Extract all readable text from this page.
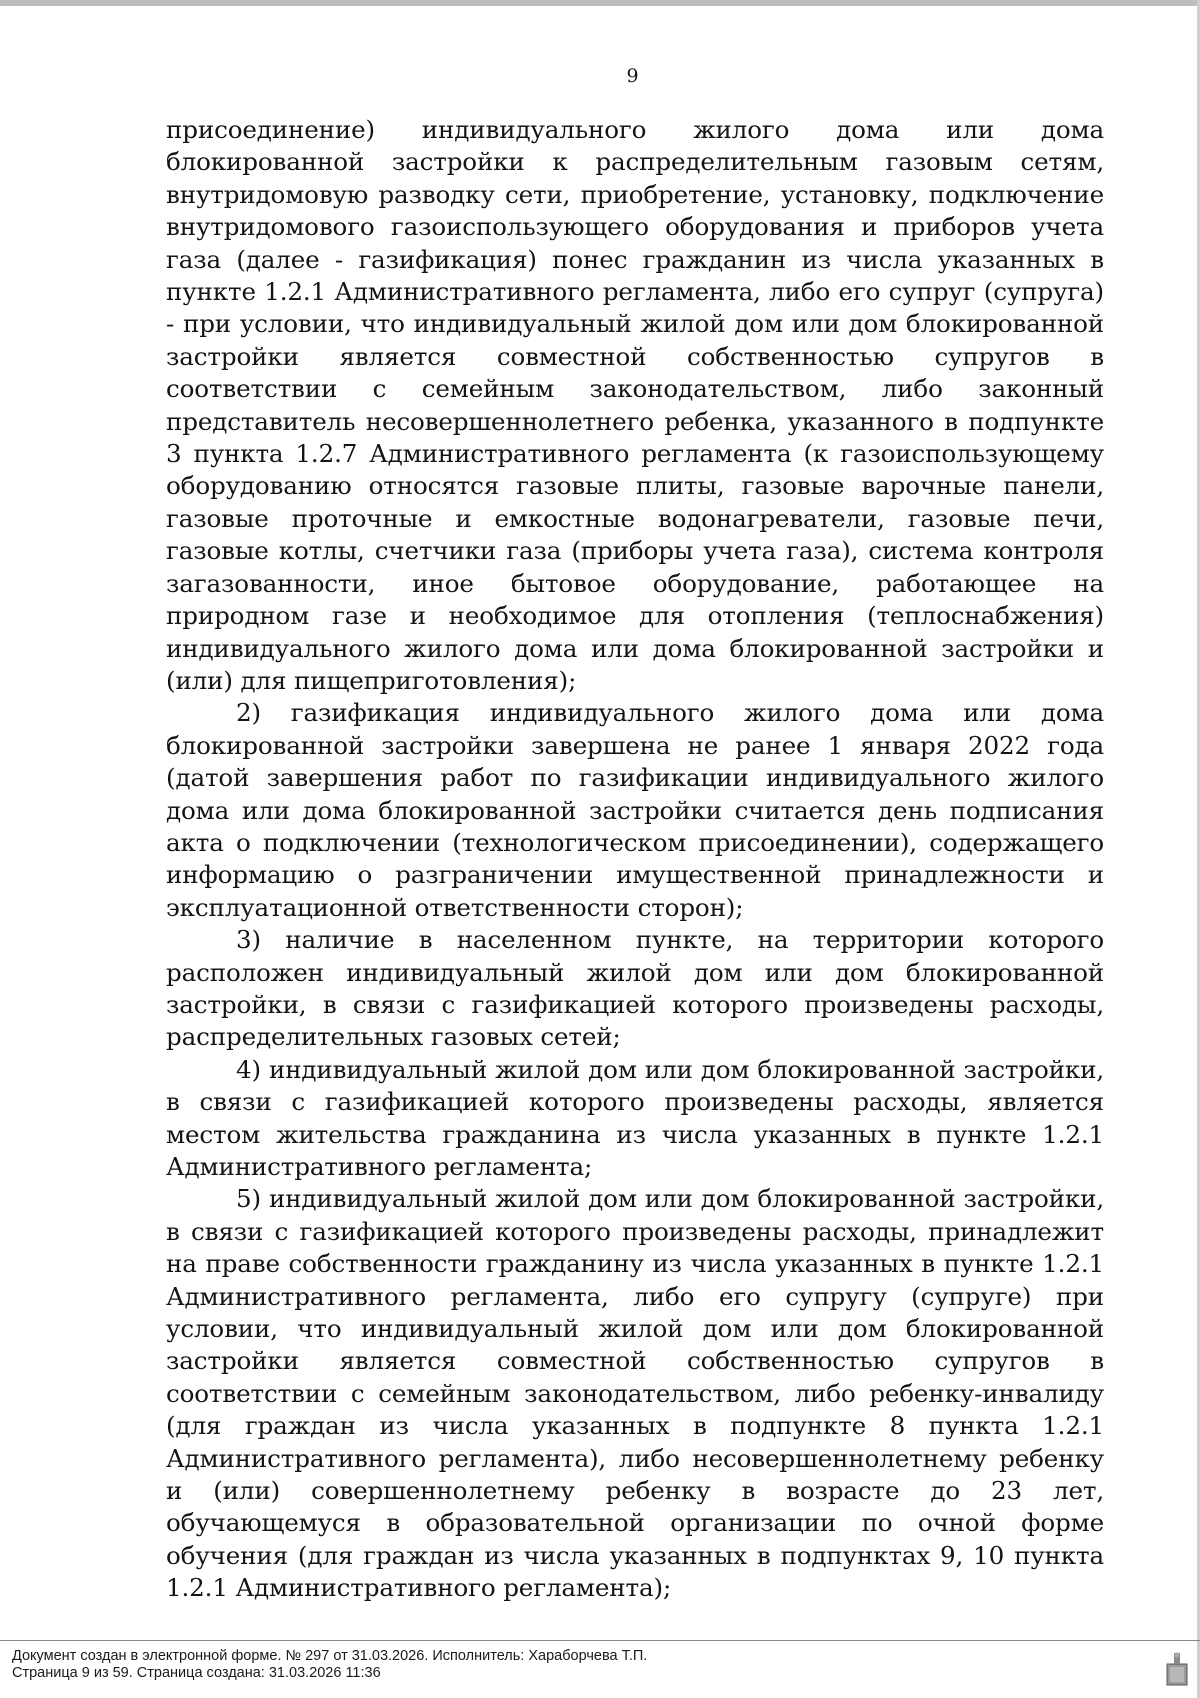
9

присоединение) индивидуального жилого дома или дома блокированной застройки к распределительным газовым сетям, внутридомовую разводку сети, приобретение, установку, подключение внутридомового газоиспользующего оборудования и приборов учета газа (далее - газификация) понес гражданин из числа указанных в пункте 1.2.1 Административного регламента, либо его супруг (супруга) - при условии, что индивидуальный жилой дом или дом блокированной застройки является совместной собственностью супругов в соответствии с семейным законодательством, либо законный представитель несовершеннолетнего ребенка, указанного в подпункте 3 пункта 1.2.7 Административного регламента (к газоиспользующему оборудованию относятся газовые плиты, газовые варочные панели, газовые проточные и емкостные водонагреватели, газовые печи, газовые котлы, счетчики газа (приборы учета газа), система контроля загазованности, иное бытовое оборудование, работающее на природном газе и необходимое для отопления (теплоснабжения) индивидуального жилого дома или дома блокированной застройки и (или) для пищеприготовления);

2) газификация индивидуального жилого дома или дома блокированной застройки завершена не ранее 1 января 2022 года (датой завершения работ по газификации индивидуального жилого дома или дома блокированной застройки считается день подписания акта о подключении (технологическом присоединении), содержащего информацию о разграничении имущественной принадлежности и эксплуатационной ответственности сторон);

3) наличие в населенном пункте, на территории которого расположен индивидуальный жилой дом или дом блокированной застройки, в связи с газификацией которого произведены расходы, распределительных газовых сетей;

4) индивидуальный жилой дом или дом блокированной застройки, в связи с газификацией которого произведены расходы, является местом жительства гражданина из числа указанных в пункте 1.2.1 Административного регламента;

5) индивидуальный жилой дом или дом блокированной застройки, в связи с газификацией которого произведены расходы, принадлежит на праве собственности гражданину из числа указанных в пункте 1.2.1 Административного регламента, либо его супругу (супруге) при условии, что индивидуальный жилой дом или дом блокированной застройки является совместной собственностью супругов в соответствии с семейным законодательством, либо ребенку-инвалиду (для граждан из числа указанных в подпункте 8 пункта 1.2.1 Административного регламента), либо несовершеннолетнему ребенку и (или) совершеннолетнему ребенку в возрасте до 23 лет, обучающемуся в образовательной организации по очной форме обучения (для граждан из числа указанных в подпунктах 9, 10 пункта 1.2.1 Административного регламента);

Документ создан в электронной форме. № 297 от 31.03.2026. Исполнитель: Хараборчева Т.П.
Страница 9 из 59. Страница создана: 31.03.2026 11:36
